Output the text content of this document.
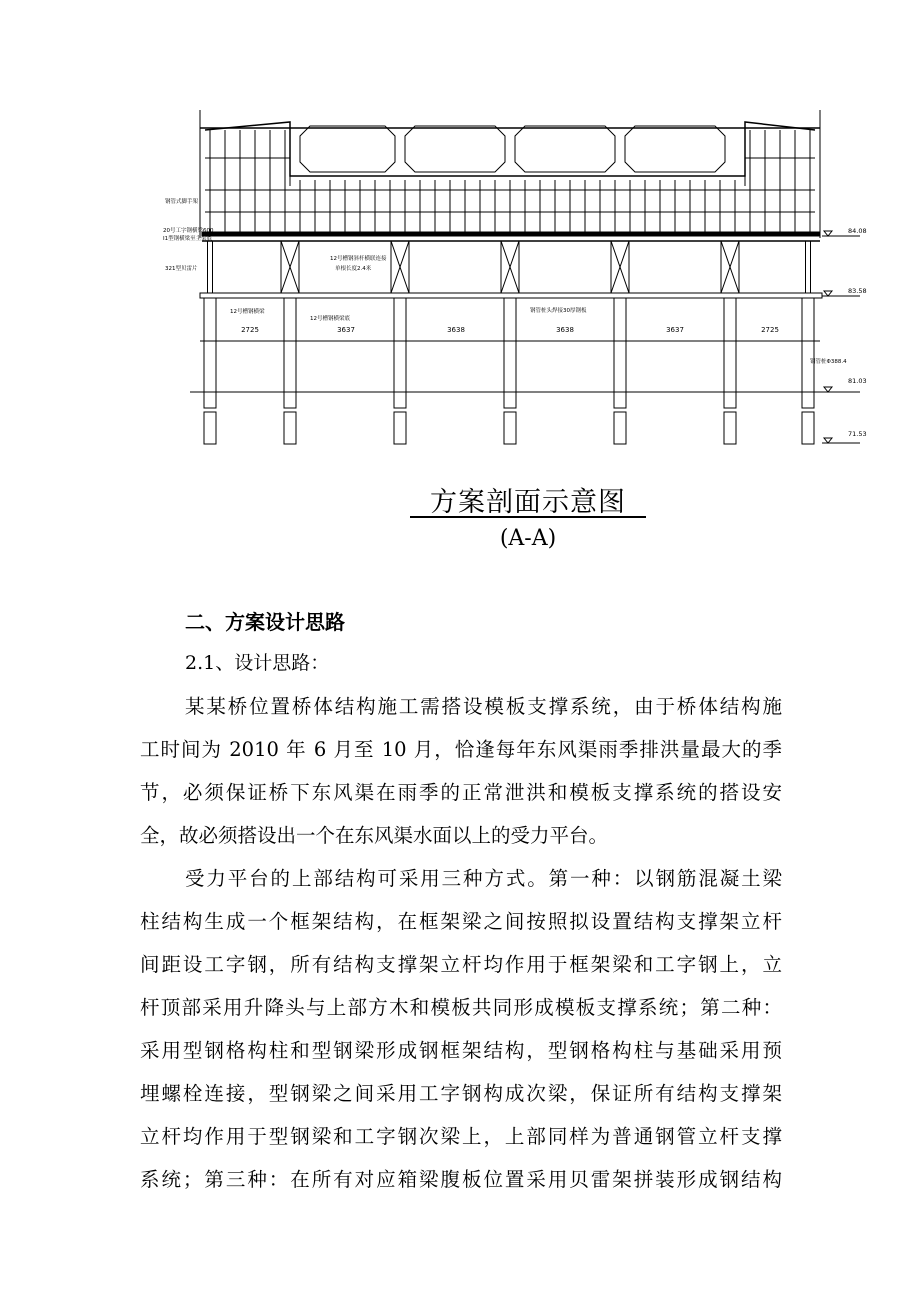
钢管式脚手架
20号工字钢横梁600
I1型钢横梁至主梁底
321型贝雷片
12号槽钢斜杆横联连接
单根长度2.4米
12号槽钢横梁
12号槽钢横梁底
钢管桩头焊接30厚钢板
钢管桩Φ388.4
2725	3637	3638	3638	3637	2725
84.08
83.58
81.03
71.53
方案剖面示意图
(A-A)
二、方案设计思路
2.1、设计思路：
某某桥位置桥体结构施工需搭设模板支撑系统，由于桥体结构施
工时间为 2010 年 6 月至 10 月，恰逢每年东风渠雨季排洪量最大的季
节，必须保证桥下东风渠在雨季的正常泄洪和模板支撑系统的搭设安
全，故必须搭设出一个在东风渠水面以上的受力平台。
受力平台的上部结构可采用三种方式。第一种：以钢筋混凝土梁
柱结构生成一个框架结构，在框架梁之间按照拟设置结构支撑架立杆
间距设工字钢，所有结构支撑架立杆均作用于框架梁和工字钢上，立
杆顶部采用升降头与上部方木和模板共同形成模板支撑系统；第二种：
采用型钢格构柱和型钢梁形成钢框架结构，型钢格构柱与基础采用预
埋螺栓连接，型钢梁之间采用工字钢构成次梁，保证所有结构支撑架
立杆均作用于型钢梁和工字钢次梁上，上部同样为普通钢管立杆支撑
系统；第三种：在所有对应箱梁腹板位置采用贝雷架拼装形成钢结构
